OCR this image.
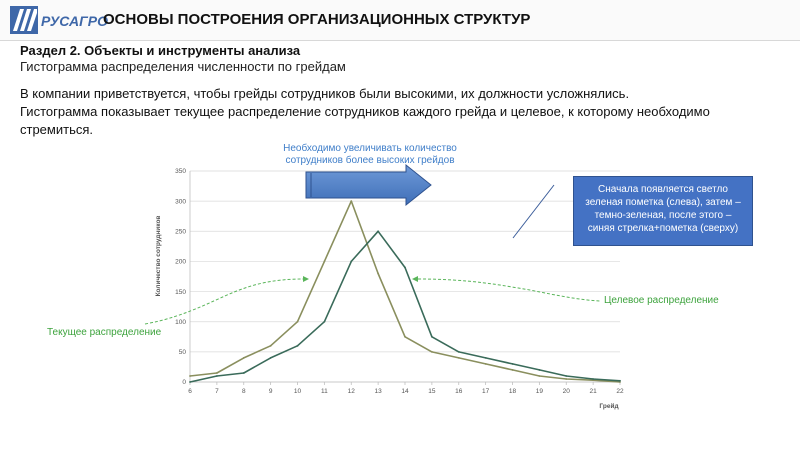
РУСАГРО
ОСНОВЫ ПОСТРОЕНИЯ ОРГАНИЗАЦИОННЫХ СТРУКТУР
Раздел 2. Объекты и инструменты анализа
Гистограмма распределения численности по грейдам
В компании приветствуется, чтобы грейды сотрудников были высокими, их должности усложнялись. Гистограмма показывает текущее распределение сотрудников каждого грейда и целевое, к которому необходимо стремиться.
0
50
100
150
200
250
300
350
6	7	8	9	10	11	12	13	14	15	16	17	18	19	20	21	22
Количество сотрудников
Грейд
Необходимо увеличивать количество сотрудников более высоких грейдов
Сначала появляется светло зеленая пометка (слева), затем – темно-зеленая, после этого – синяя стрелка+пометка (сверху)
Целевое распределение
Текущее распределение
